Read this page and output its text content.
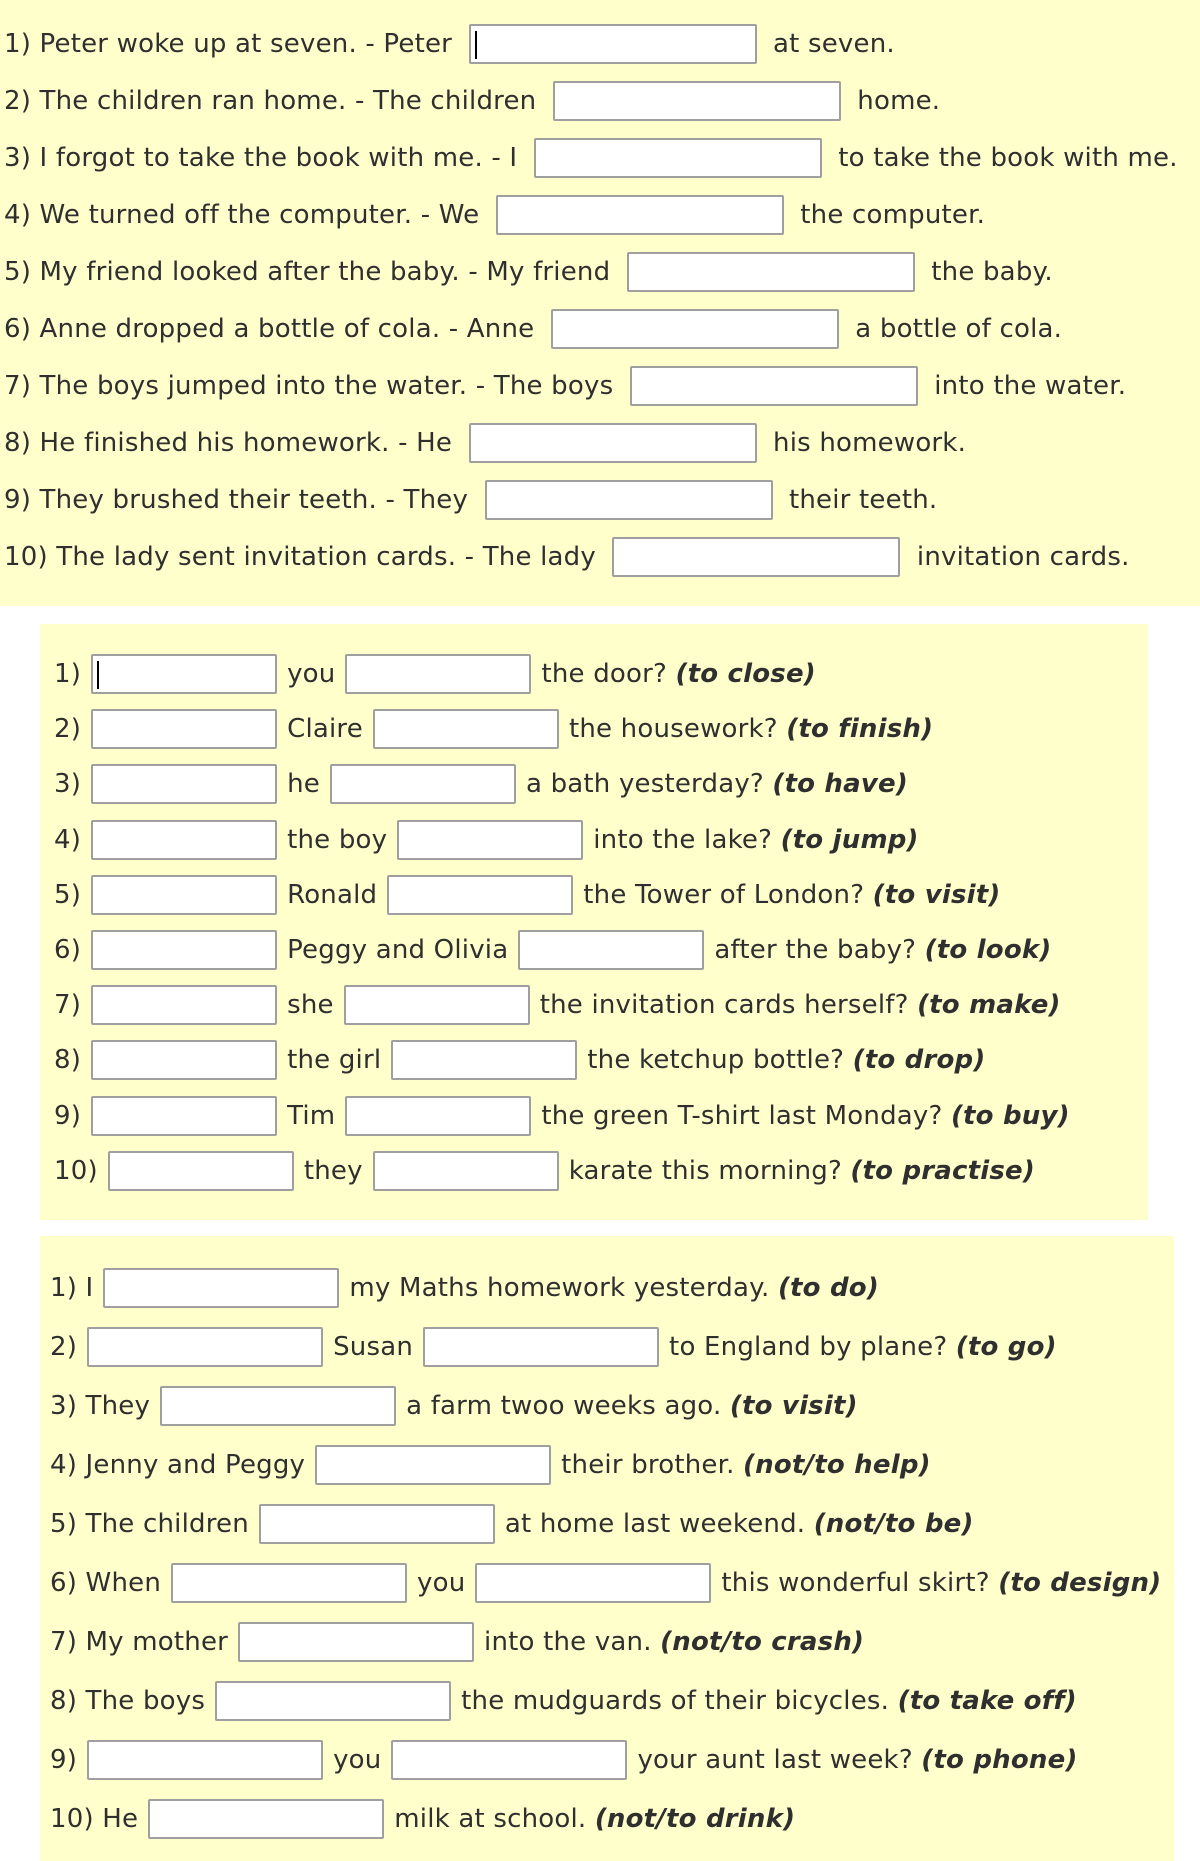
1) Peter woke up at seven. - Peter	at seven.
2) The children ran home. - The children	home.
3) I forgot to take the book with me. - I	to take the book with me.
4) We turned off the computer. - We	the computer.
5) My friend looked after the baby. - My friend	the baby.
6) Anne dropped a bottle of cola. - Anne	a bottle of cola.
7) The boys jumped into the water. - The boys	into the water.
8) He finished his homework. - He	his homework.
9) They brushed their teeth. - They	their teeth.
10) The lady sent invitation cards. - The lady	invitation cards.
1)	you	the door? (to close)
2)	Claire	the housework? (to finish)
3)	he	a bath yesterday? (to have)
4)	the boy	into the lake? (to jump)
5)	Ronald	the Tower of London? (to visit)
6)	Peggy and Olivia	after the baby? (to look)
7)	she	the invitation cards herself? (to make)
8)	the girl	the ketchup bottle? (to drop)
9)	Tim	the green T-shirt last Monday? (to buy)
10)	they	karate this morning? (to practise)
1) I	my Maths homework yesterday. (to do)
2)	Susan	to England by plane? (to go)
3) They	a farm twoo weeks ago. (to visit)
4) Jenny and Peggy	their brother. (not/to help)
5) The children	at home last weekend. (not/to be)
6) When	you	this wonderful skirt? (to design)
7) My mother	into the van. (not/to crash)
8) The boys	the mudguards of their bicycles. (to take off)
9)	you	your aunt last week? (to phone)
10) He	milk at school. (not/to drink)
